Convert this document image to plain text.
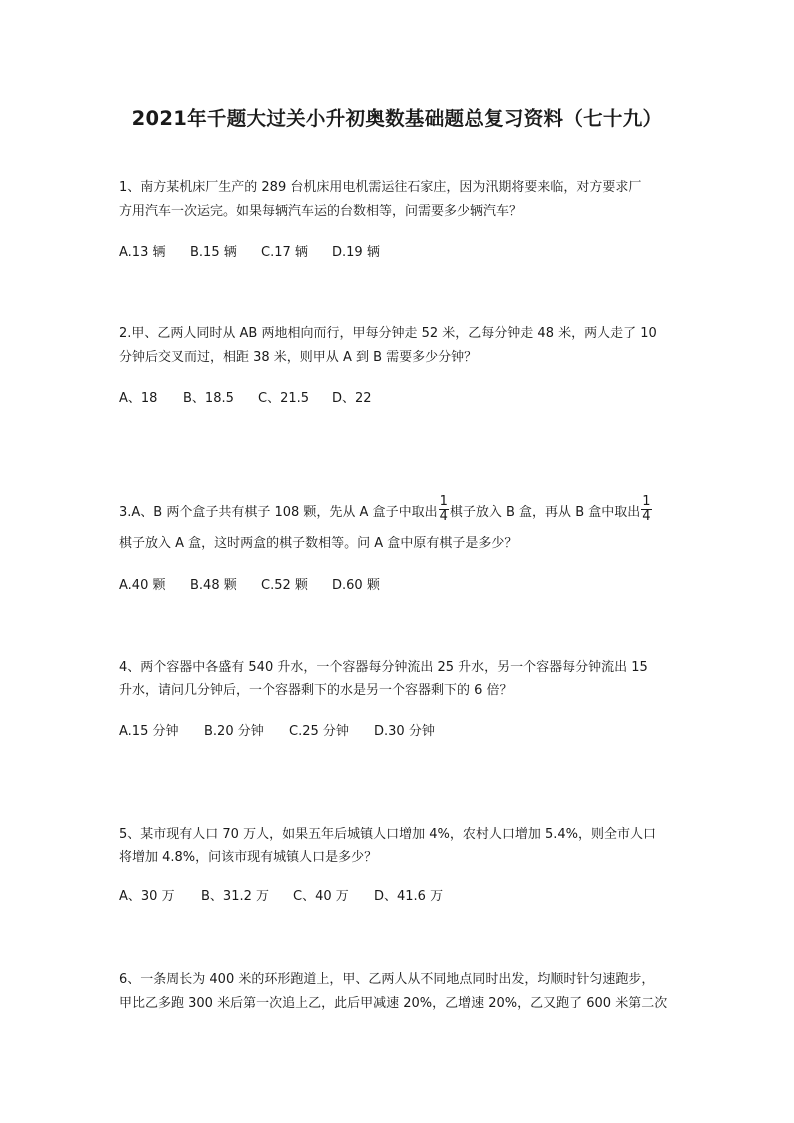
2021年千题大过关小升初奥数基础题总复习资料（七十九）
1、南方某机床厂生产的 289 台机床用电机需运往石家庄，因为汛期将要来临，对方要求厂
方用汽车一次运完。如果每辆汽车运的台数相等，问需要多少辆汽车？
A.13 辆 B.15 辆 C.17 辆 D.19 辆
2.甲、乙两人同时从 AB 两地相向而行，甲每分钟走 52 米，乙每分钟走 48 米，两人走了 10
分钟后交叉而过，相距 38 米，则甲从 A 到 B 需要多少分钟？
A、18 B、18.5 C、21.5 D、22
3.A、B 两个盒子共有棋子 108 颗，先从 A 盒子中取出 $\frac{1}{4}$ 棋子放入 B 盒，再从 B 盒中取出 $\frac{1}{4}$
棋子放入 A 盒，这时两盒的棋子数相等。问 A 盒中原有棋子是多少？
A.40 颗 B.48 颗 C.52 颗 D.60 颗
4、两个容器中各盛有 540 升水，一个容器每分钟流出 25 升水，另一个容器每分钟流出 15
升水，请问几分钟后，一个容器剩下的水是另一个容器剩下的 6 倍？
A.15 分钟 B.20 分钟 C.25 分钟 D.30 分钟
5、某市现有人口 70 万人，如果五年后城镇人口增加 4%，农村人口增加 5.4%，则全市人口
将增加 4.8%，问该市现有城镇人口是多少？
A、30 万 B、31.2 万 C、40 万 D、41.6 万
6、一条周长为 400 米的环形跑道上，甲、乙两人从不同地点同时出发，均顺时针匀速跑步，
甲比乙多跑 300 米后第一次追上乙，此后甲减速 20%，乙增速 20%，乙又跑了 600 米第二次
